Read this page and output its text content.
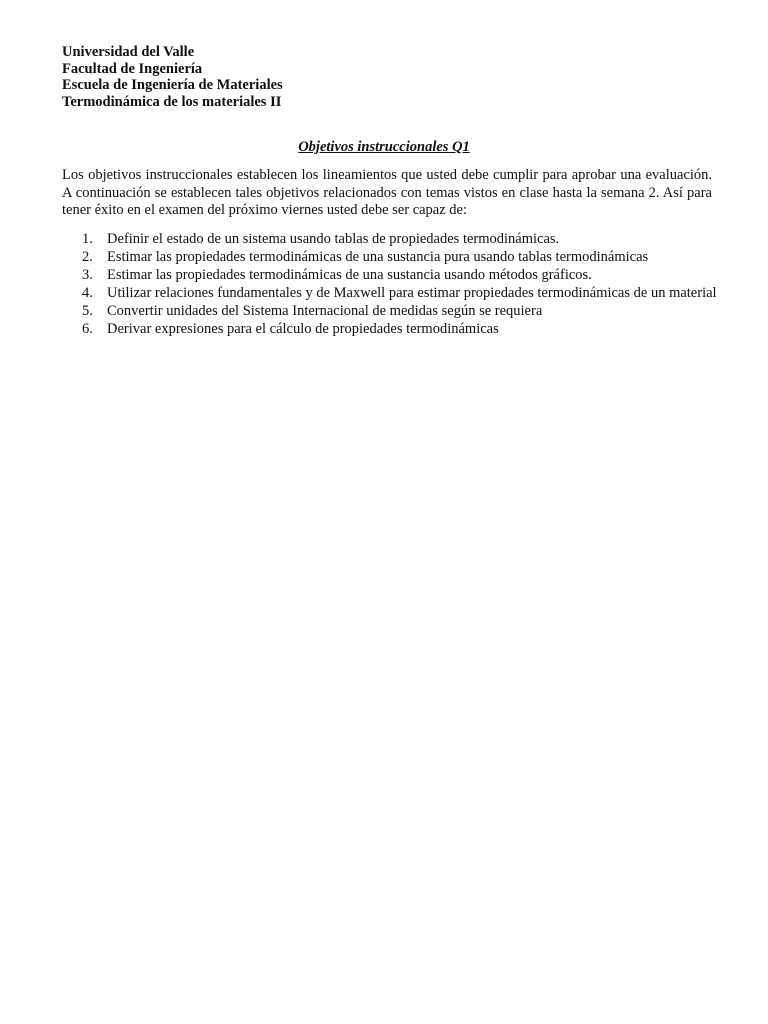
Universidad del Valle
Facultad de Ingeniería
Escuela de Ingeniería de Materiales
Termodinámica de los materiales II
Objetivos instruccionales Q1
Los objetivos instruccionales establecen los lineamientos que usted debe cumplir para aprobar una evaluación. A continuación se establecen tales objetivos relacionados con temas vistos en clase hasta la semana 2. Así para tener éxito en el examen del próximo viernes usted debe ser capaz de:
1. Definir el estado de un sistema usando tablas de propiedades termodinámicas.
2. Estimar las propiedades termodinámicas de una sustancia pura usando tablas termodinámicas
3. Estimar las propiedades termodinámicas de una sustancia usando métodos gráficos.
4. Utilizar relaciones fundamentales y de Maxwell para estimar propiedades termodinámicas de un material
5. Convertir unidades del Sistema Internacional de medidas según se requiera
6. Derivar expresiones para el cálculo de propiedades termodinámicas
